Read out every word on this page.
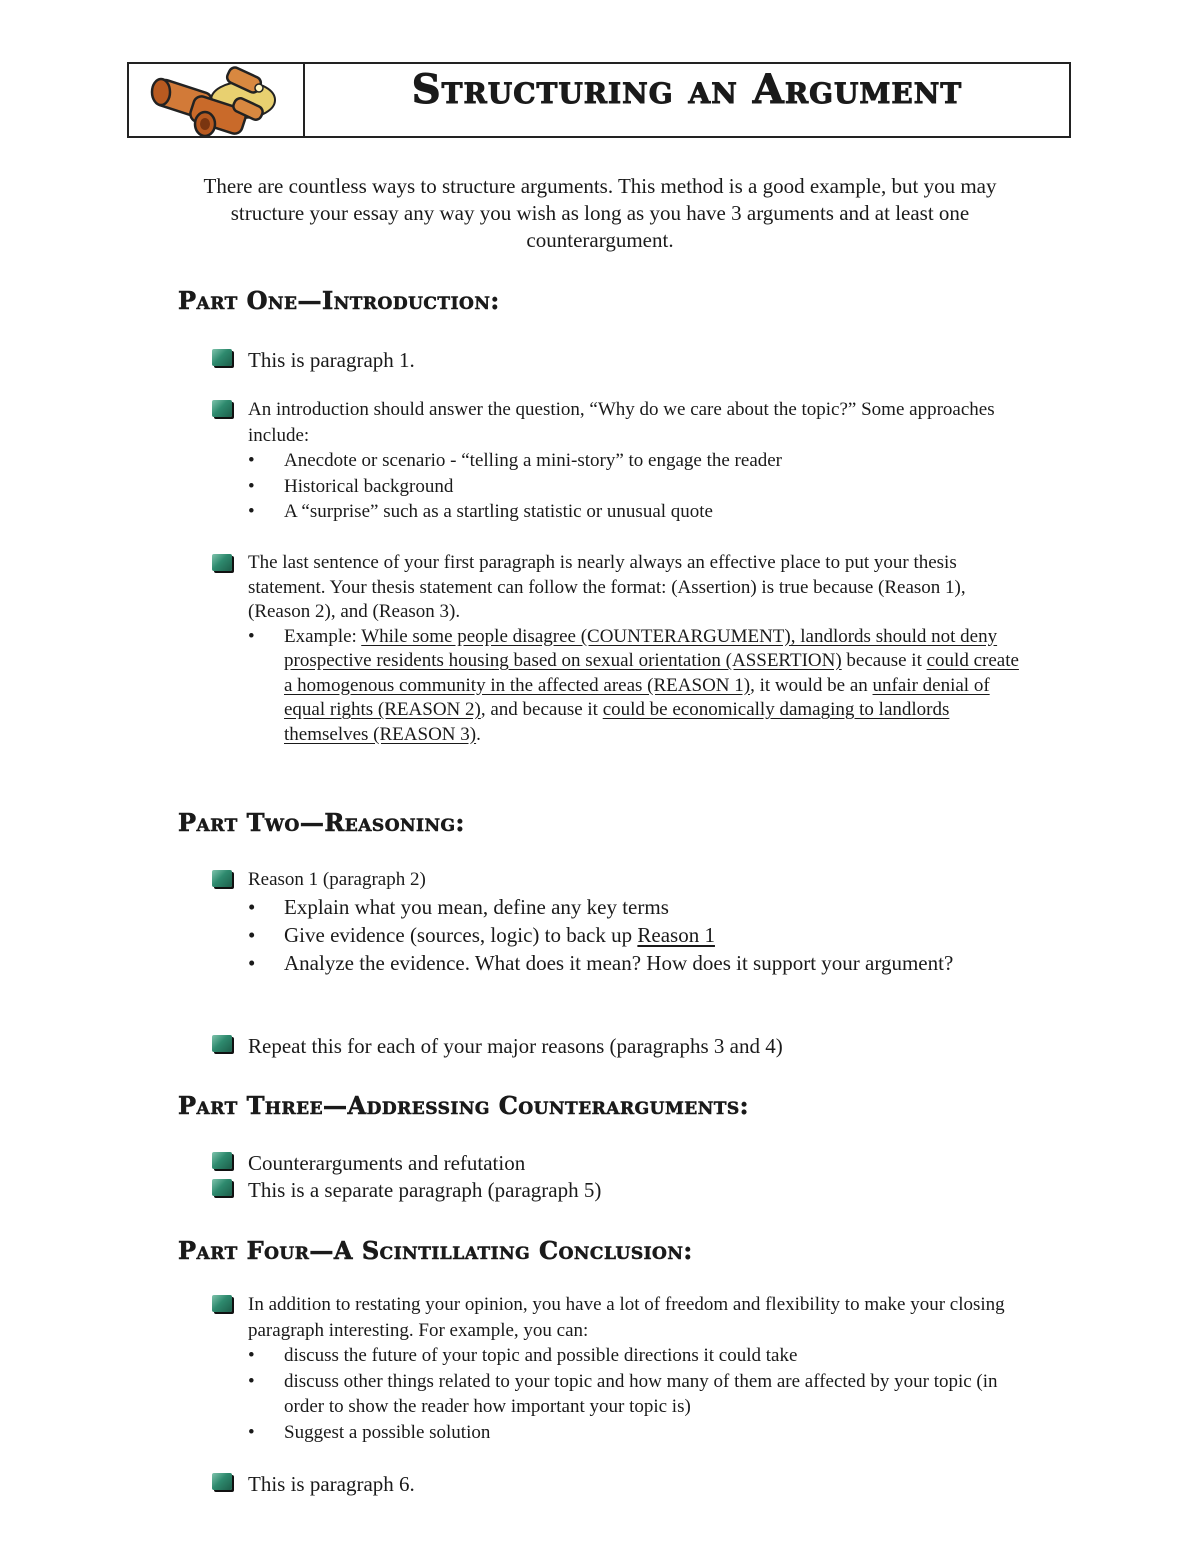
Structuring an Argument
There are countless ways to structure arguments. This method is a good example, but you may structure your essay any way you wish as long as you have 3 arguments and at least one counterargument.
Part One—Introduction:
This is paragraph 1.
An introduction should answer the question, “Why do we care about the topic?” Some approaches include:
• Anecdote or scenario - “telling a mini-story” to engage the reader
• Historical background
• A “surprise” such as a startling statistic or unusual quote
The last sentence of your first paragraph is nearly always an effective place to put your thesis statement. Your thesis statement can follow the format: (Assertion) is true because (Reason 1), (Reason 2), and (Reason 3).
• Example: While some people disagree (COUNTERARGUMENT), landlords should not deny prospective residents housing based on sexual orientation (ASSERTION) because it could create a homogenous community in the affected areas (REASON 1), it would be an unfair denial of equal rights (REASON 2), and because it could be economically damaging to landlords themselves (REASON 3).
Part Two—Reasoning:
Reason 1 (paragraph 2)
• Explain what you mean, define any key terms
• Give evidence (sources, logic) to back up Reason 1
• Analyze the evidence. What does it mean? How does it support your argument?
Repeat this for each of your major reasons (paragraphs 3 and 4)
Part Three—Addressing Counterarguments:
Counterarguments and refutation
This is a separate paragraph (paragraph 5)
Part Four—A Scintillating Conclusion:
In addition to restating your opinion, you have a lot of freedom and flexibility to make your closing paragraph interesting. For example, you can:
• discuss the future of your topic and possible directions it could take
• discuss other things related to your topic and how many of them are affected by your topic (in order to show the reader how important your topic is)
• Suggest a possible solution
This is paragraph 6.
